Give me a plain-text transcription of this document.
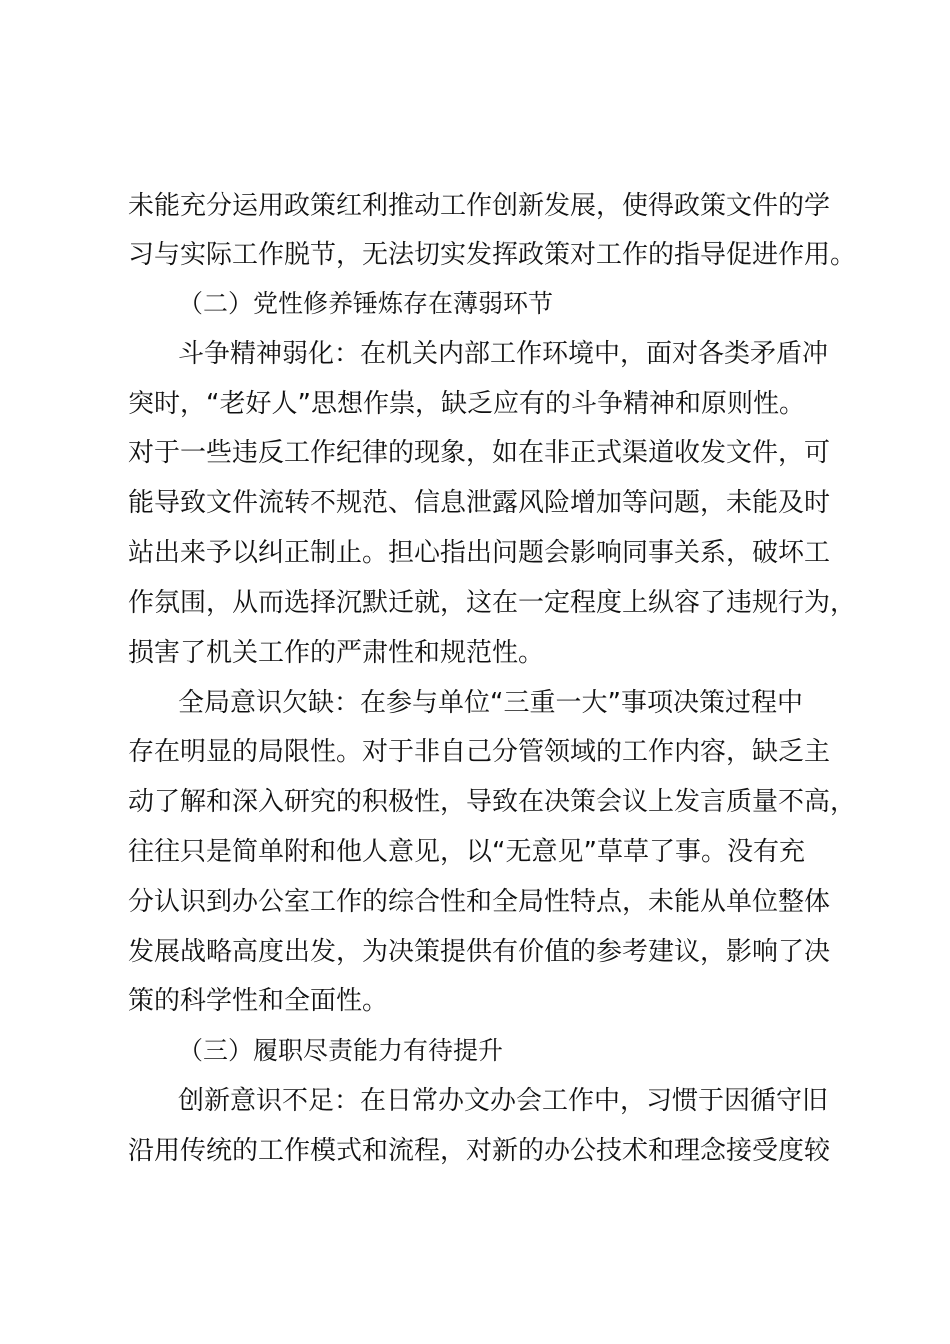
未能充分运用政策红利推动工作创新发展，使得政策文件的学
习与实际工作脱节，无法切实发挥政策对工作的指导促进作用。
（二）党性修养锤炼存在薄弱环节
斗争精神弱化：在机关内部工作环境中，面对各类矛盾冲
突时，“老好人”思想作祟，缺乏应有的斗争精神和原则性。
对于一些违反工作纪律的现象，如在非正式渠道收发文件，可
能导致文件流转不规范、信息泄露风险增加等问题，未能及时
站出来予以纠正制止。担心指出问题会影响同事关系，破坏工
作氛围，从而选择沉默迁就，这在一定程度上纵容了违规行为，
损害了机关工作的严肃性和规范性。
全局意识欠缺：在参与单位“三重一大”事项决策过程中
存在明显的局限性。对于非自己分管领域的工作内容，缺乏主
动了解和深入研究的积极性，导致在决策会议上发言质量不高，
往往只是简单附和他人意见，以“无意见”草草了事。没有充
分认识到办公室工作的综合性和全局性特点，未能从单位整体
发展战略高度出发，为决策提供有价值的参考建议，影响了决
策的科学性和全面性。
（三）履职尽责能力有待提升
创新意识不足：在日常办文办会工作中，习惯于因循守旧
沿用传统的工作模式和流程，对新的办公技术和理念接受度较
